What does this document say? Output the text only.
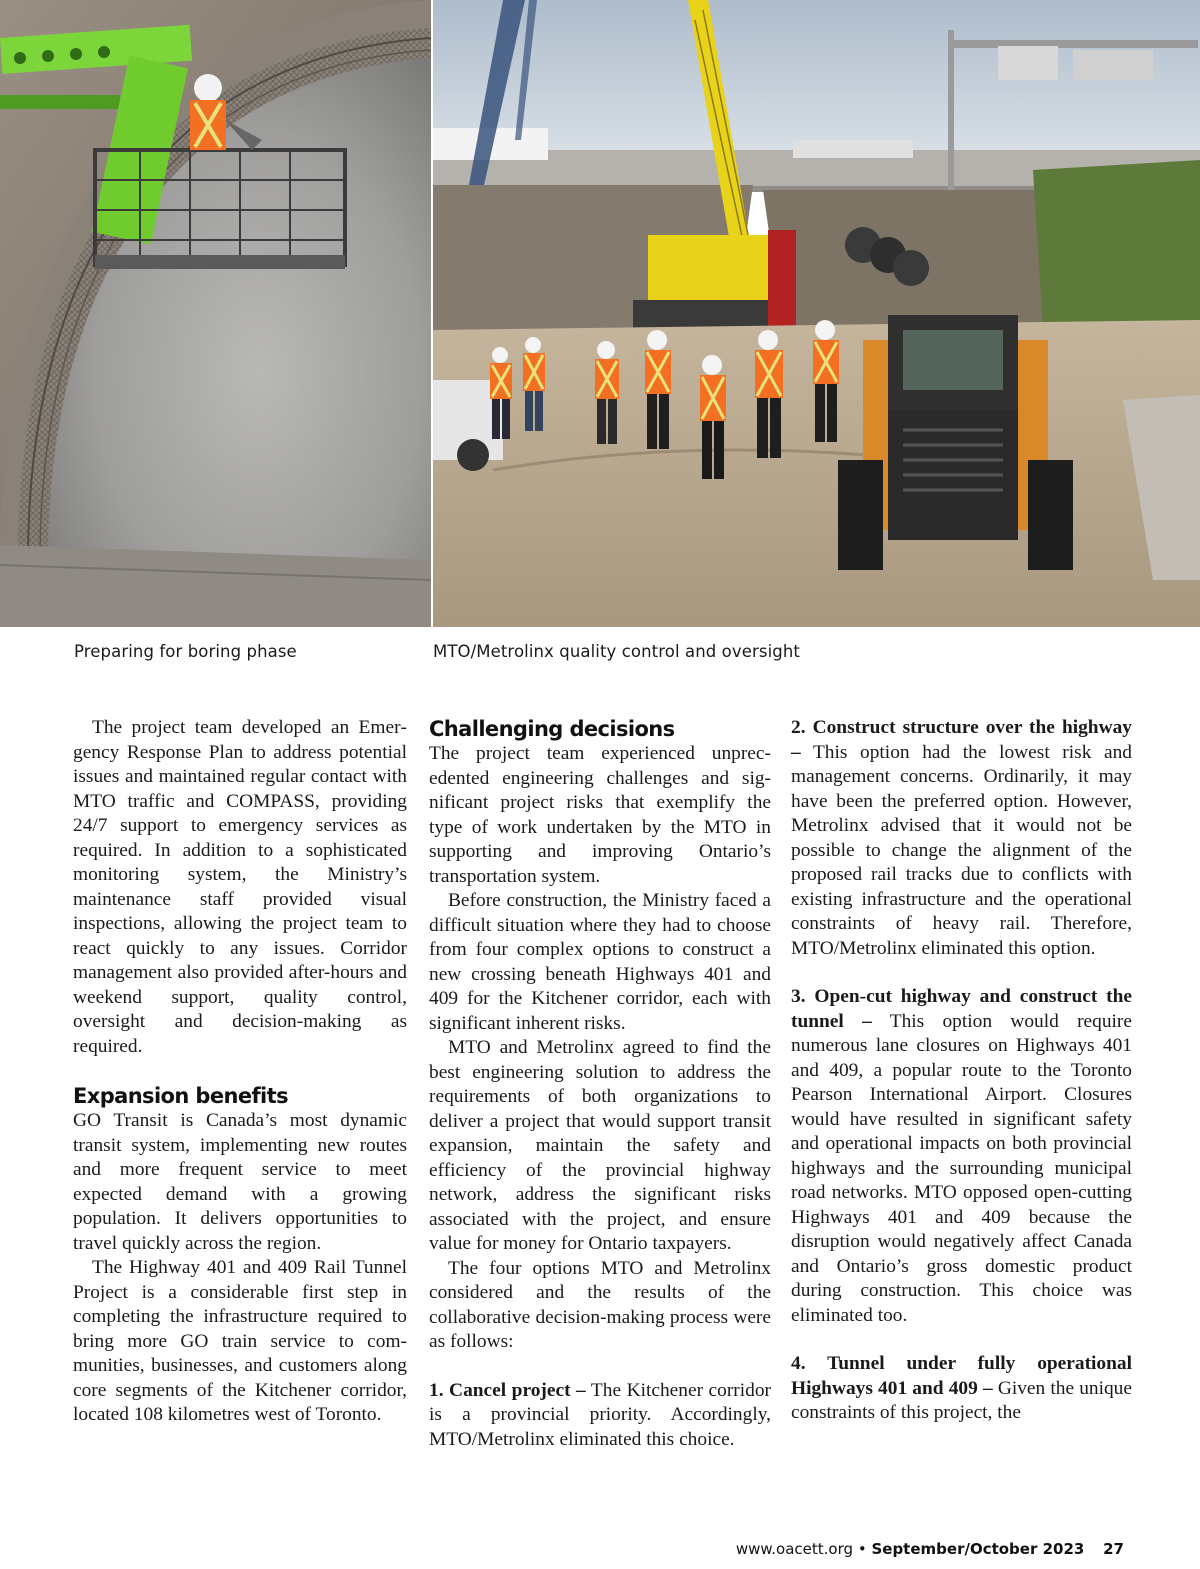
Preparing for boring phase	MTO/Metrolinx quality control and oversight

The project team developed an Emergency Response Plan to address potential issues and maintained regular contact with MTO traffic and COMPASS, providing 24/7 support to emergency services as required. In addition to a sophisticated monitoring system, the Ministry’s maintenance staff provided visual inspections, allowing the project team to react quickly to any issues. Corridor management also provided after-hours and weekend support, quality control, oversight and decision-making as required.

Expansion benefits

GO Transit is Canada’s most dynamic transit system, implementing new routes and more frequent service to meet expected demand with a growing population. It delivers opportunities to travel quickly across the region.

The Highway 401 and 409 Rail Tunnel Project is a considerable first step in completing the infrastructure required to bring more GO train service to communities, businesses, and customers along core segments of the Kitchener corridor, located 108 kilometres west of Toronto.

Challenging decisions

The project team experienced unprecedented engineering challenges and significant project risks that exemplify the type of work undertaken by the MTO in supporting and improving Ontario’s transportation system.

Before construction, the Ministry faced a difficult situation where they had to choose from four complex options to construct a new crossing beneath Highways 401 and 409 for the Kitchener corridor, each with significant inherent risks.

MTO and Metrolinx agreed to find the best engineering solution to address the requirements of both organizations to deliver a project that would support transit expansion, maintain the safety and efficiency of the provincial highway network, address the significant risks associated with the project, and ensure value for money for Ontario taxpayers.

The four options MTO and Metrolinx considered and the results of the collaborative decision-making process were as follows:

1. Cancel project – The Kitchener corridor is a provincial priority. Accordingly, MTO/Metrolinx eliminated this choice.

2. Construct structure over the highway – This option had the lowest risk and management concerns. Ordinarily, it may have been the preferred option. However, Metrolinx advised that it would not be possible to change the alignment of the proposed rail tracks due to conflicts with existing infrastructure and the operational constraints of heavy rail. Therefore, MTO/Metrolinx eliminated this option.

3. Open-cut highway and construct the tunnel – This option would require numerous lane closures on Highways 401 and 409, a popular route to the Toronto Pearson International Airport. Closures would have resulted in significant safety and operational impacts on both provincial highways and the surrounding municipal road networks. MTO opposed open-cutting Highways 401 and 409 because the disruption would negatively affect Canada and Ontario’s gross domestic product during construction. This choice was eliminated too.

4. Tunnel under fully operational Highways 401 and 409 – Given the unique constraints of this project, the

www.oacett.org • September/October 2023 27
